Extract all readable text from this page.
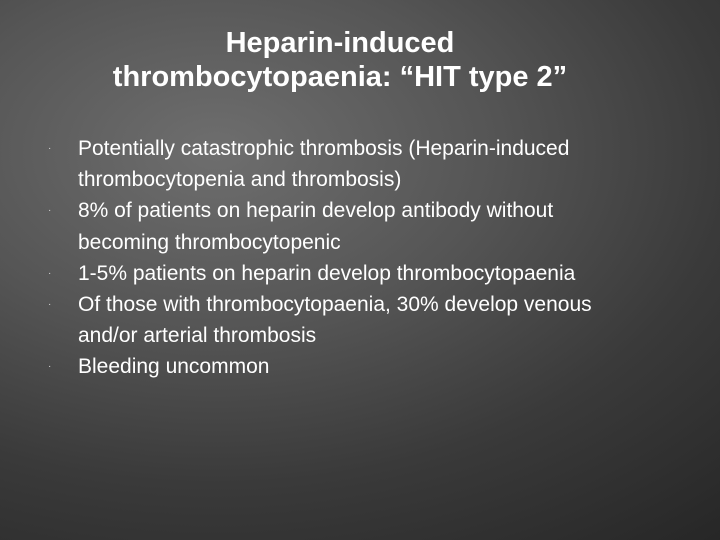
Heparin-induced
thrombocytopaenia: “HIT type 2”
·	Potentially catastrophic thrombosis (Heparin-induced thrombocytopenia and thrombosis)
·	8% of patients on heparin develop antibody without becoming thrombocytopenic
·	1-5% patients on heparin develop thrombocytopaenia
·	Of those with thrombocytopaenia, 30% develop venous and/or arterial thrombosis
·	Bleeding uncommon
